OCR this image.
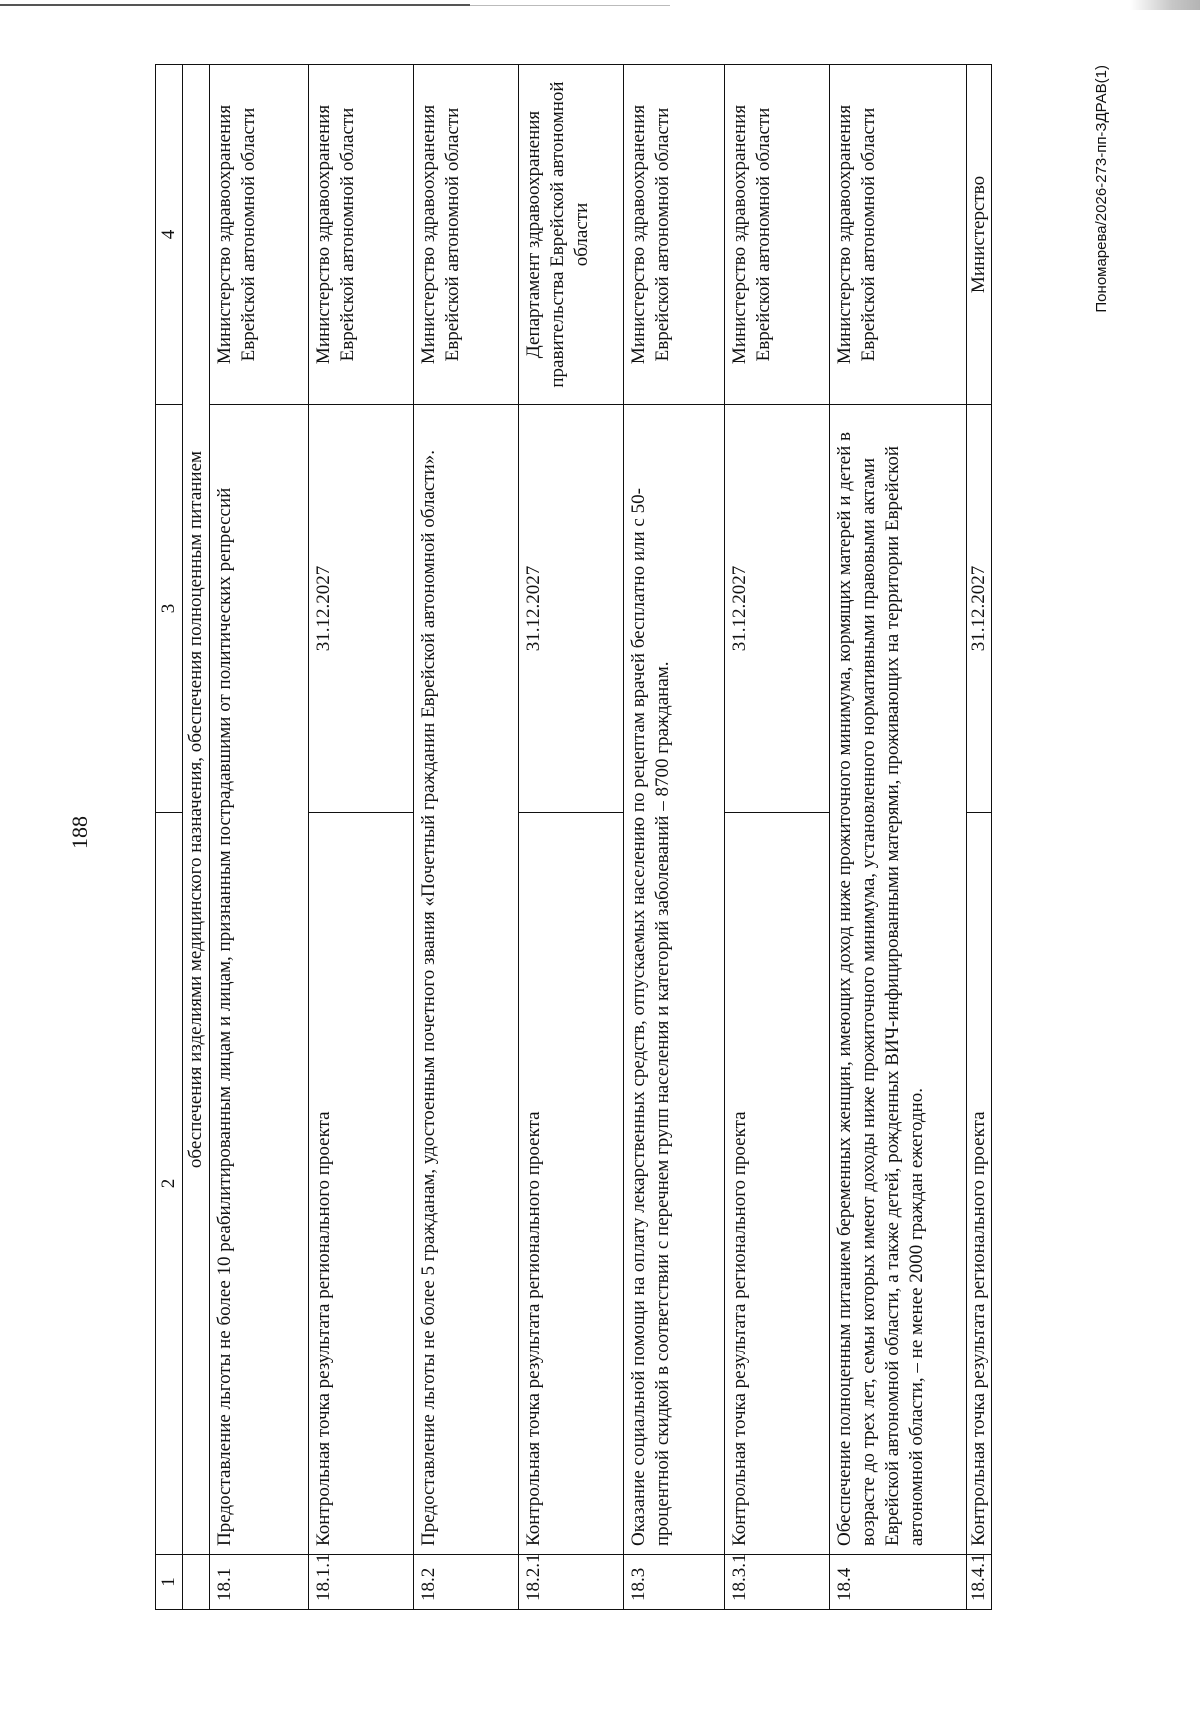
188
1	2	3	4
	обеспечения изделиями медицинского назначения, обеспечения полноценным питанием		
18.1	Предоставление льготы не более 10 реабилитированным лицам и лицам, признанным пострадавшими от политических репрессий		Министерство здравоохранения Еврейской автономной области
18.1.1	Контрольная точка результата регионального проекта	31.12.2027	Министерство здравоохранения Еврейской автономной области
18.2	Предоставление льготы не более 5 гражданам, удостоенным почетного звания «Почетный гражданин Еврейской автономной области».		Министерство здравоохранения Еврейской автономной области
18.2.1	Контрольная точка результата регионального проекта	31.12.2027	Департамент здравоохранения правительства Еврейской автономной области
18.3	Оказание социальной помощи на оплату лекарственных средств, отпускаемых населению по рецептам врачей бесплатно или с 50-процентной скидкой в соответствии с перечнем групп населения и категорий заболеваний – 8700 гражданам.		Министерство здравоохранения Еврейской автономной области
18.3.1	Контрольная точка результата регионального проекта	31.12.2027	Министерство здравоохранения Еврейской автономной области
18.4	Обеспечение полноценным питанием беременных женщин, имеющих доход ниже прожиточного минимума, кормящих матерей и детей в возрасте до трех лет, семьи которых имеют доходы ниже прожиточного минимума, установленного нормативными правовыми актами Еврейской автономной области, а также детей, рожденных ВИЧ-инфицированными матерями, проживающих на территории Еврейской автономной области, – не менее 2000 граждан ежегодно.		Министерство здравоохранения Еврейской автономной области
18.4.1	Контрольная точка результата регионального проекта	31.12.2027	Министерство	Пономарева/2026-273-пп-ЗДРАВ(1)
